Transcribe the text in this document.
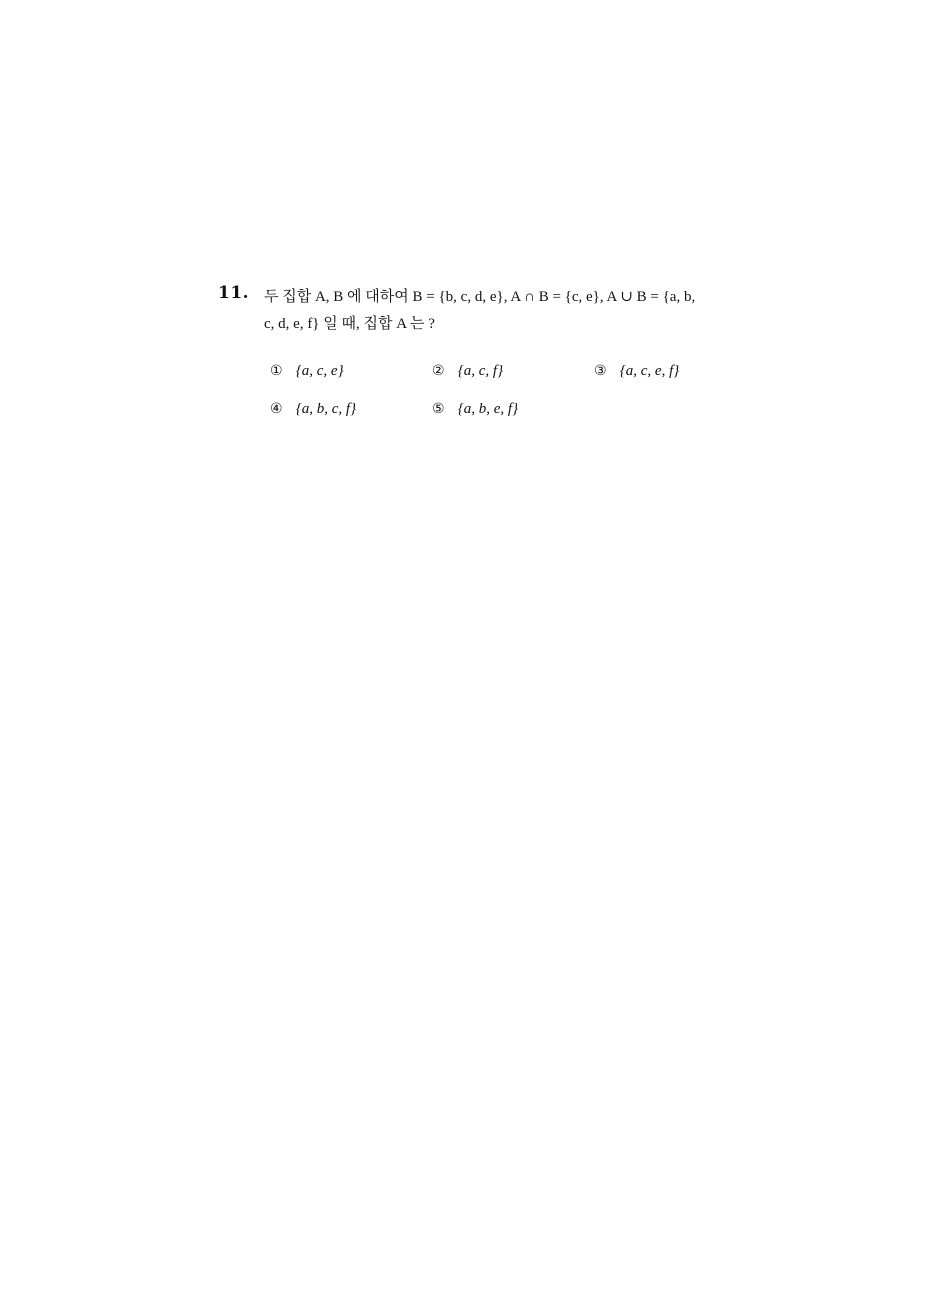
11. 두 집합 A, B 에 대하여 B = {b, c, d, e}, A ∩ B = {c, e}, A ∪ B = {a, b,
c, d, e, f} 일 때, 집합 A 는 ?
① {a, c, e}	② {a, c, f}	③ {a, c, e, f}
④ {a, b, c, f}	⑤ {a, b, e, f}
